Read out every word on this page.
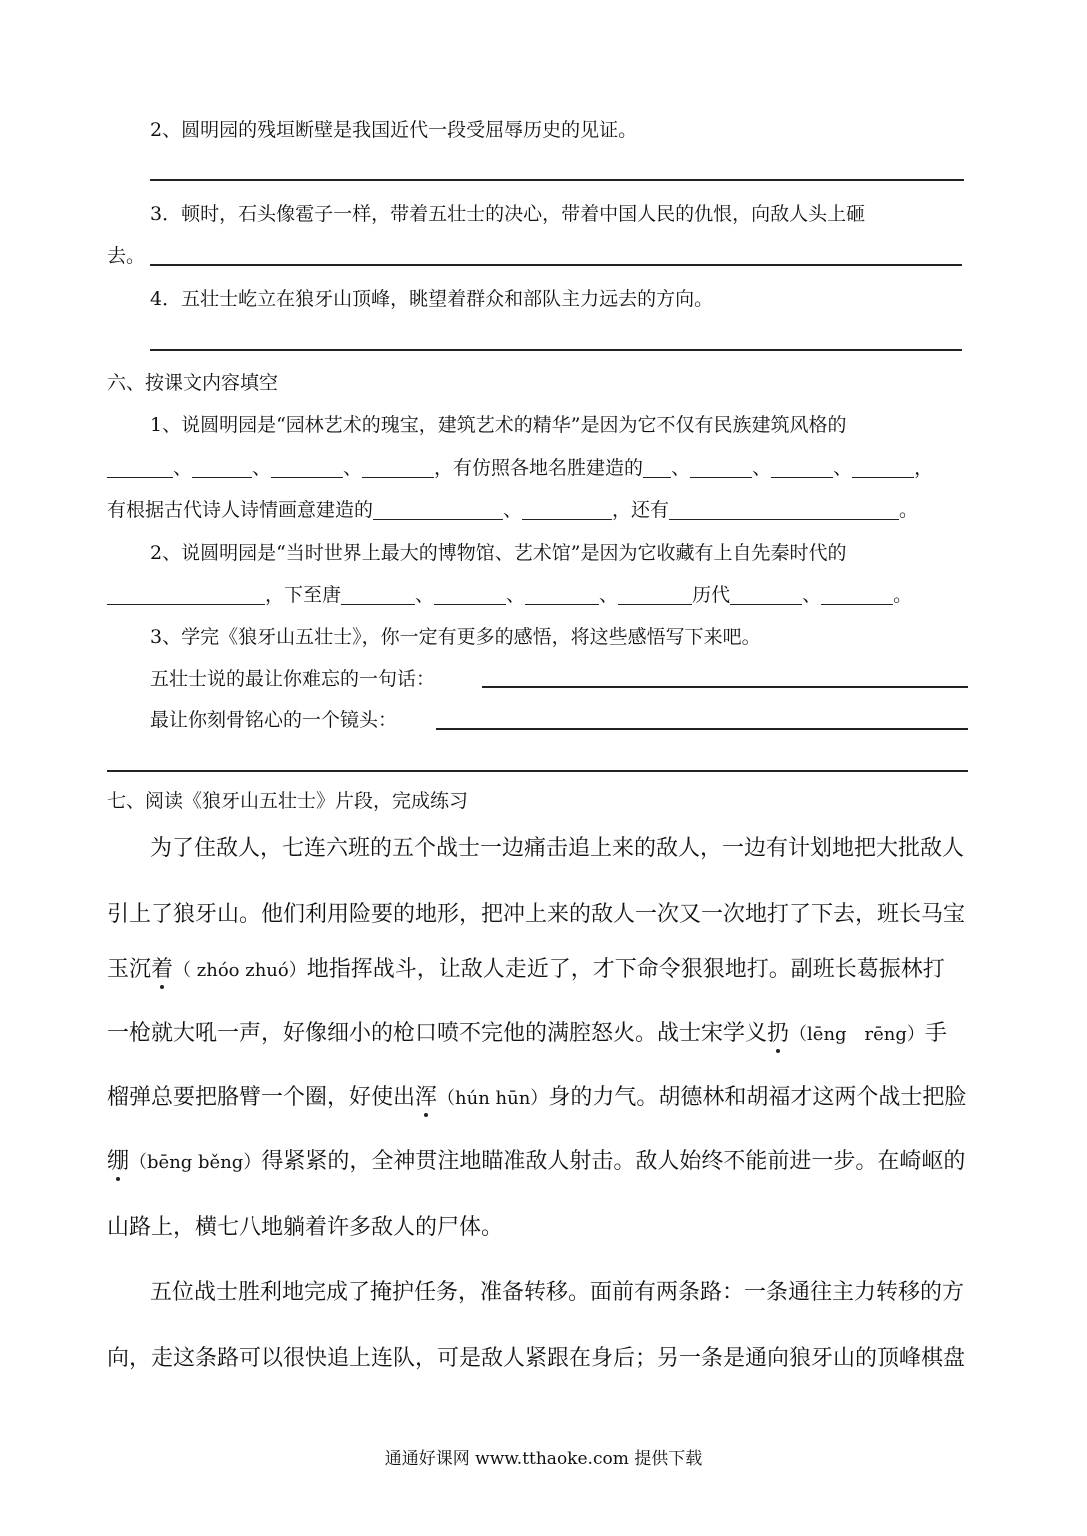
2、圆明园的残垣断壁是我国近代一段受屈辱历史的见证。
3．顿时，石头像雹子一样，带着五壮士的决心，带着中国人民的仇恨，向敌人头上砸
去。
4．五壮士屹立在狼牙山顶峰，眺望着群众和部队主力远去的方向。
六、按课文内容填空
1、说圆明园是“园林艺术的瑰宝，建筑艺术的精华”是因为它不仅有民族建筑风格的
、	、	、	，有仿照各地名胜建造的 、	、	、	，
有根据古代诗人诗情画意建造的	、	，还有	。
2、说圆明园是“当时世界上最大的博物馆、艺术馆”是因为它收藏有上自先秦时代的
，下至唐	、	、	、	历代	、	。
3、学完《狼牙山五壮士》，你一定有更多的感悟，将这些感悟写下来吧。
五壮士说的最让你难忘的一句话：
最让你刻骨铭心的一个镜头：
七、阅读《狼牙山五壮士》片段，完成练习
为了住敌人，七连六班的五个战士一边痛击追上来的敌人，一边有计划地把大批敌人
引上了狼牙山。他们利用险要的地形，把冲上来的敌人一次又一次地打了下去，班长马宝
玉沉着（ zhóo zhuó）地指挥战斗，让敌人走近了，才下命令狠狠地打。副班长葛振林打
一枪就大吼一声，好像细小的枪口喷不完他的满腔怒火。战士宋学义扔（lēng　rēng）手
榴弹总要把胳臂一个圈，好使出浑（hún hūn）身的力气。胡德林和胡福才这两个战士把脸
绷（bēng běng）得紧紧的，全神贯注地瞄准敌人射击。敌人始终不能前进一步。在崎岖的
山路上，横七八地躺着许多敌人的尸体。
五位战士胜利地完成了掩护任务，准备转移。面前有两条路：一条通往主力转移的方
向，走这条路可以很快追上连队，可是敌人紧跟在身后；另一条是通向狼牙山的顶峰棋盘
通通好课网 www.tthaoke.com 提供下载
